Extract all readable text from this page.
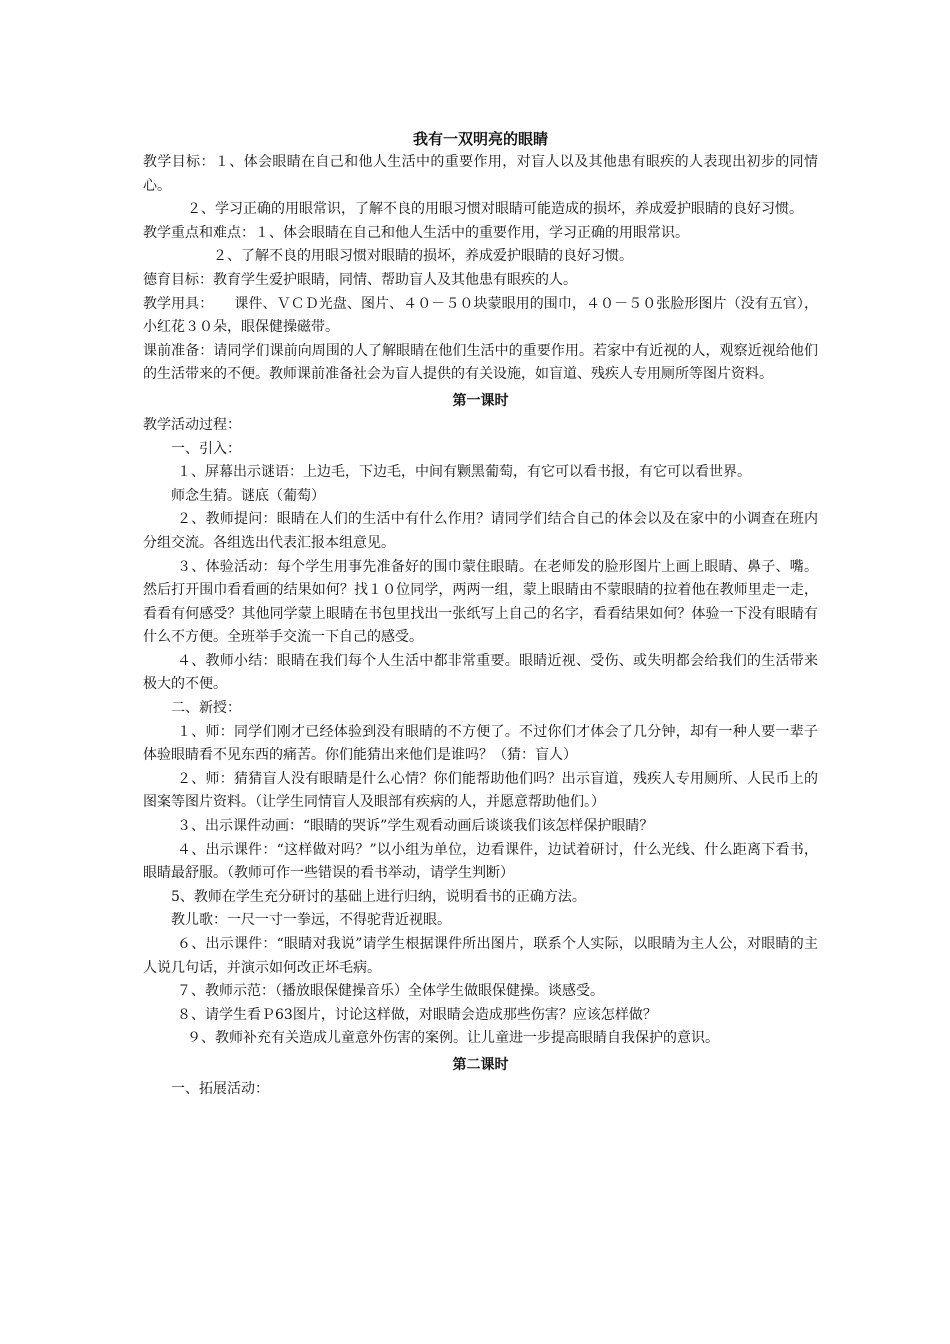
我有一双明亮的眼睛

教学目标：１、体会眼睛在自己和他人生活中的重要作用，对盲人以及其他患有眼疾的人表现出初步的同情心。

２、学习正确的用眼常识，了解不良的用眼习惯对眼睛可能造成的损坏，养成爱护眼睛的良好习惯。

教学重点和难点：１、体会眼睛在自己和他人生活中的重要作用，学习正确的用眼常识。

２、了解不良的用眼习惯对眼睛的损坏，养成爱护眼睛的良好习惯。

德育目标：教育学生爱护眼睛，同情、帮助盲人及其他患有眼疾的人。

教学用具：　　课件、ＶＣＤ光盘、图片、４０－５０块蒙眼用的围巾，４０－５０张脸形图片（没有五官），小红花３０朵，眼保健操磁带。

课前准备：请同学们课前向周围的人了解眼睛在他们生活中的重要作用。若家中有近视的人，观察近视给他们的生活带来的不便。教师课前准备社会为盲人提供的有关设施，如盲道、残疾人专用厕所等图片资料。

第一课时

教学活动过程：

一、引入：

１、屏幕出示谜语：上边毛，下边毛，中间有颗黑葡萄，有它可以看书报，有它可以看世界。

师念生猜。谜底（葡萄）

２、教师提问：眼睛在人们的生活中有什么作用？请同学们结合自己的体会以及在家中的小调查在班内分组交流。各组选出代表汇报本组意见。

３、体验活动：每个学生用事先准备好的围巾蒙住眼睛。在老师发的脸形图片上画上眼睛、鼻子、嘴。然后打开围巾看看画的结果如何？找１０位同学，两两一组，蒙上眼睛由不蒙眼睛的拉着他在教师里走一走，看看有何感受？其他同学蒙上眼睛在书包里找出一张纸写上自己的名字，看看结果如何？体验一下没有眼睛有什么不方便。全班举手交流一下自己的感受。

４、教师小结：眼睛在我们每个人生活中都非常重要。眼睛近视、受伤、或失明都会给我们的生活带来极大的不便。

二、新授：

１、师：同学们刚才已经体验到没有眼睛的不方便了。不过你们才体会了几分钟，却有一种人要一辈子体验眼睛看不见东西的痛苦。你们能猜出来他们是谁吗？（猜：盲人）

２、师：猜猜盲人没有眼睛是什么心情？你们能帮助他们吗？出示盲道，残疾人专用厕所、人民币上的图案等图片资料。（让学生同情盲人及眼部有疾病的人，并愿意帮助他们。）

３、出示课件动画：“眼睛的哭诉”学生观看动画后谈谈我们该怎样保护眼睛？

４、出示课件：“这样做对吗？”以小组为单位，边看课件，边试着研讨，什么光线、什么距离下看书，眼睛最舒服。（教师可作一些错误的看书举动，请学生判断）

5、教师在学生充分研讨的基础上进行归纳，说明看书的正确方法。

教儿歌：一尺一寸一拳远，不得驼背近视眼。

６、出示课件：“眼睛对我说”请学生根据课件所出图片，联系个人实际，以眼睛为主人公，对眼睛的主人说几句话，并演示如何改正坏毛病。

７、教师示范：（播放眼保健操音乐）全体学生做眼保健操。谈感受。

８、请学生看Ｐ63图片，讨论这样做，对眼睛会造成那些伤害？应该怎样做？

９、教师补充有关造成儿童意外伤害的案例。让儿童进一步提高眼睛自我保护的意识。

第二课时

一、拓展活动：
